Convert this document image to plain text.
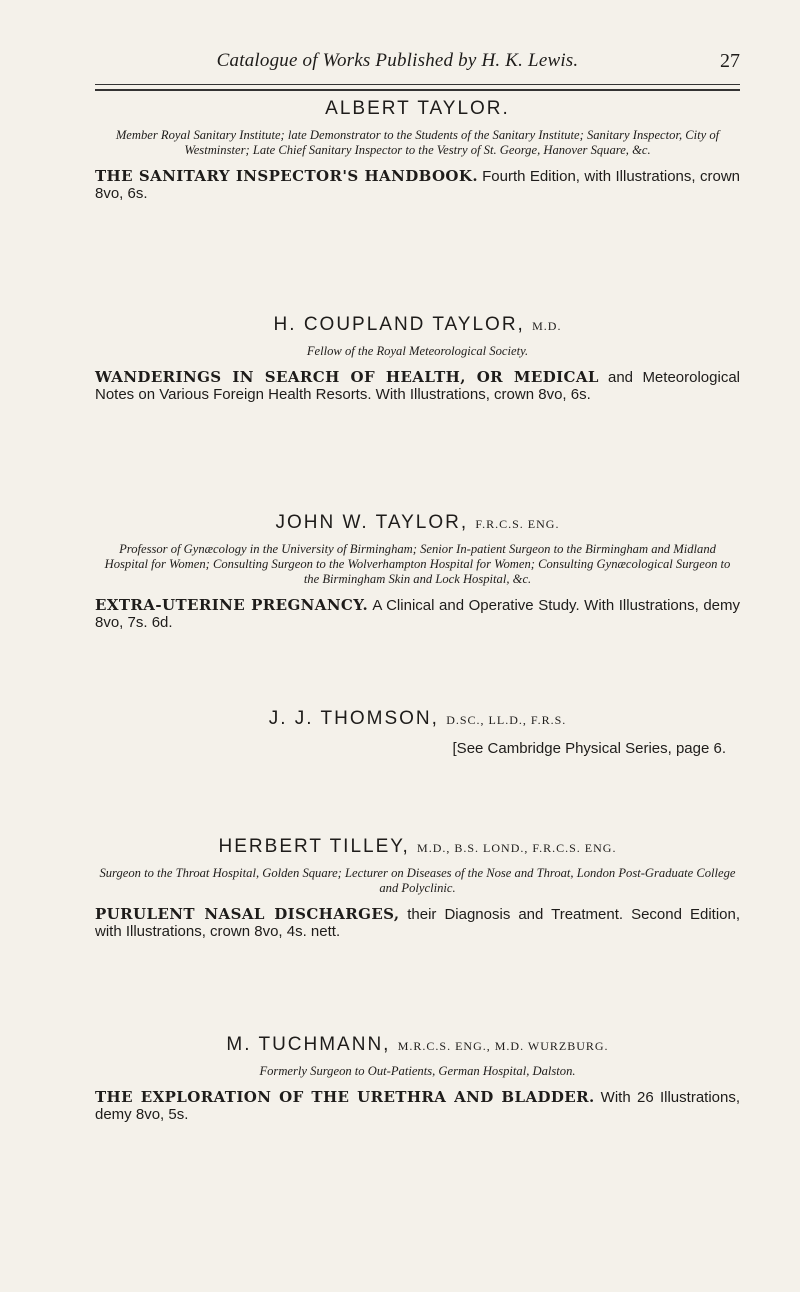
Catalogue of Works Published by H. K. Lewis.	27

ALBERT TAYLOR.

Member Royal Sanitary Institute; late Demonstrator to the Students of the Sanitary Institute; Sanitary Inspector, City of Westminster; Late Chief Sanitary Inspector to the Vestry of St. George, Hanover Square, &c.

THE SANITARY INSPECTOR'S HANDBOOK. Fourth Edition, with Illustrations, crown 8vo, 6s.

H. COUPLAND TAYLOR, M.D.

Fellow of the Royal Meteorological Society.

WANDERINGS IN SEARCH OF HEALTH, OR MEDICAL and Meteorological Notes on Various Foreign Health Resorts. With Illustrations, crown 8vo, 6s.

JOHN W. TAYLOR, F.R.C.S. ENG.

Professor of Gynæcology in the University of Birmingham; Senior In-patient Surgeon to the Birmingham and Midland Hospital for Women; Consulting Surgeon to the Wolverhampton Hospital for Women; Consulting Gynæcological Surgeon to the Birmingham Skin and Lock Hospital, &c.

EXTRA-UTERINE PREGNANCY. A Clinical and Operative Study. With Illustrations, demy 8vo, 7s. 6d.

J. J. THOMSON, D.SC., LL.D., F.R.S.

[See Cambridge Physical Series, page 6.

HERBERT TILLEY, M.D., B.S. LOND., F.R.C.S. ENG.

Surgeon to the Throat Hospital, Golden Square; Lecturer on Diseases of the Nose and Throat, London Post-Graduate College and Polyclinic.

PURULENT NASAL DISCHARGES, their Diagnosis and Treatment. Second Edition, with Illustrations, crown 8vo, 4s. nett.

M. TUCHMANN, M.R.C.S. ENG., M.D. WURZBURG.

Formerly Surgeon to Out-Patients, German Hospital, Dalston.

THE EXPLORATION OF THE URETHRA AND BLADDER. With 26 Illustrations, demy 8vo, 5s.
